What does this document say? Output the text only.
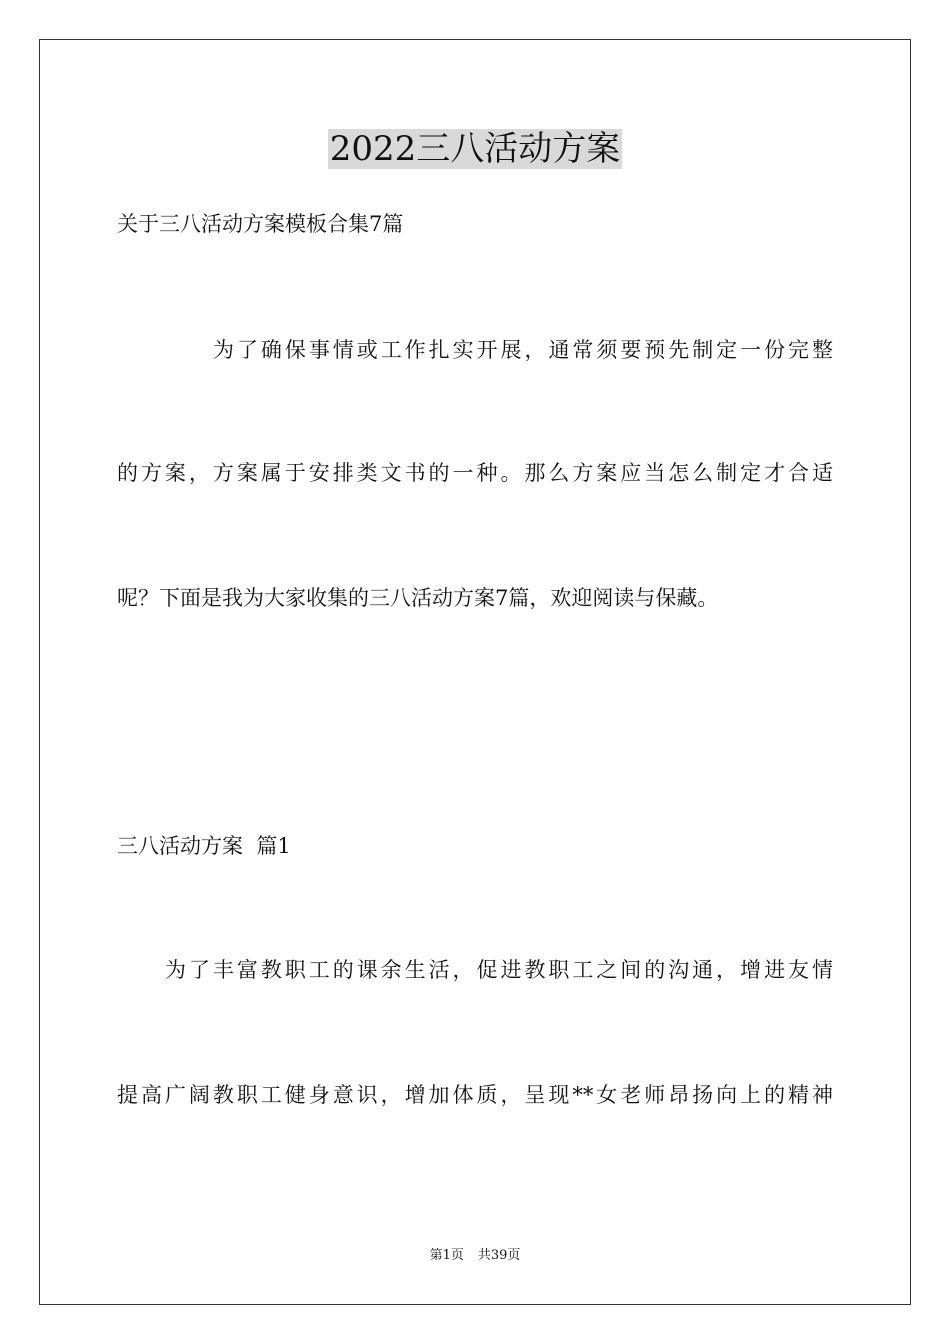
2022三八活动方案
关于三八活动方案模板合集7篇
为了确保事情或工作扎实开展，通常须要预先制定一份完整
的方案，方案属于安排类文书的一种。那么方案应当怎么制定才合适
呢？下面是我为大家收集的三八活动方案7篇，欢迎阅读与保藏。
三八活动方案  篇1
为了丰富教职工的课余生活，促进教职工之间的沟通，增进友情
提高广阔教职工健身意识，增加体质，呈现**女老师昂扬向上的精神
第1页 共39页
